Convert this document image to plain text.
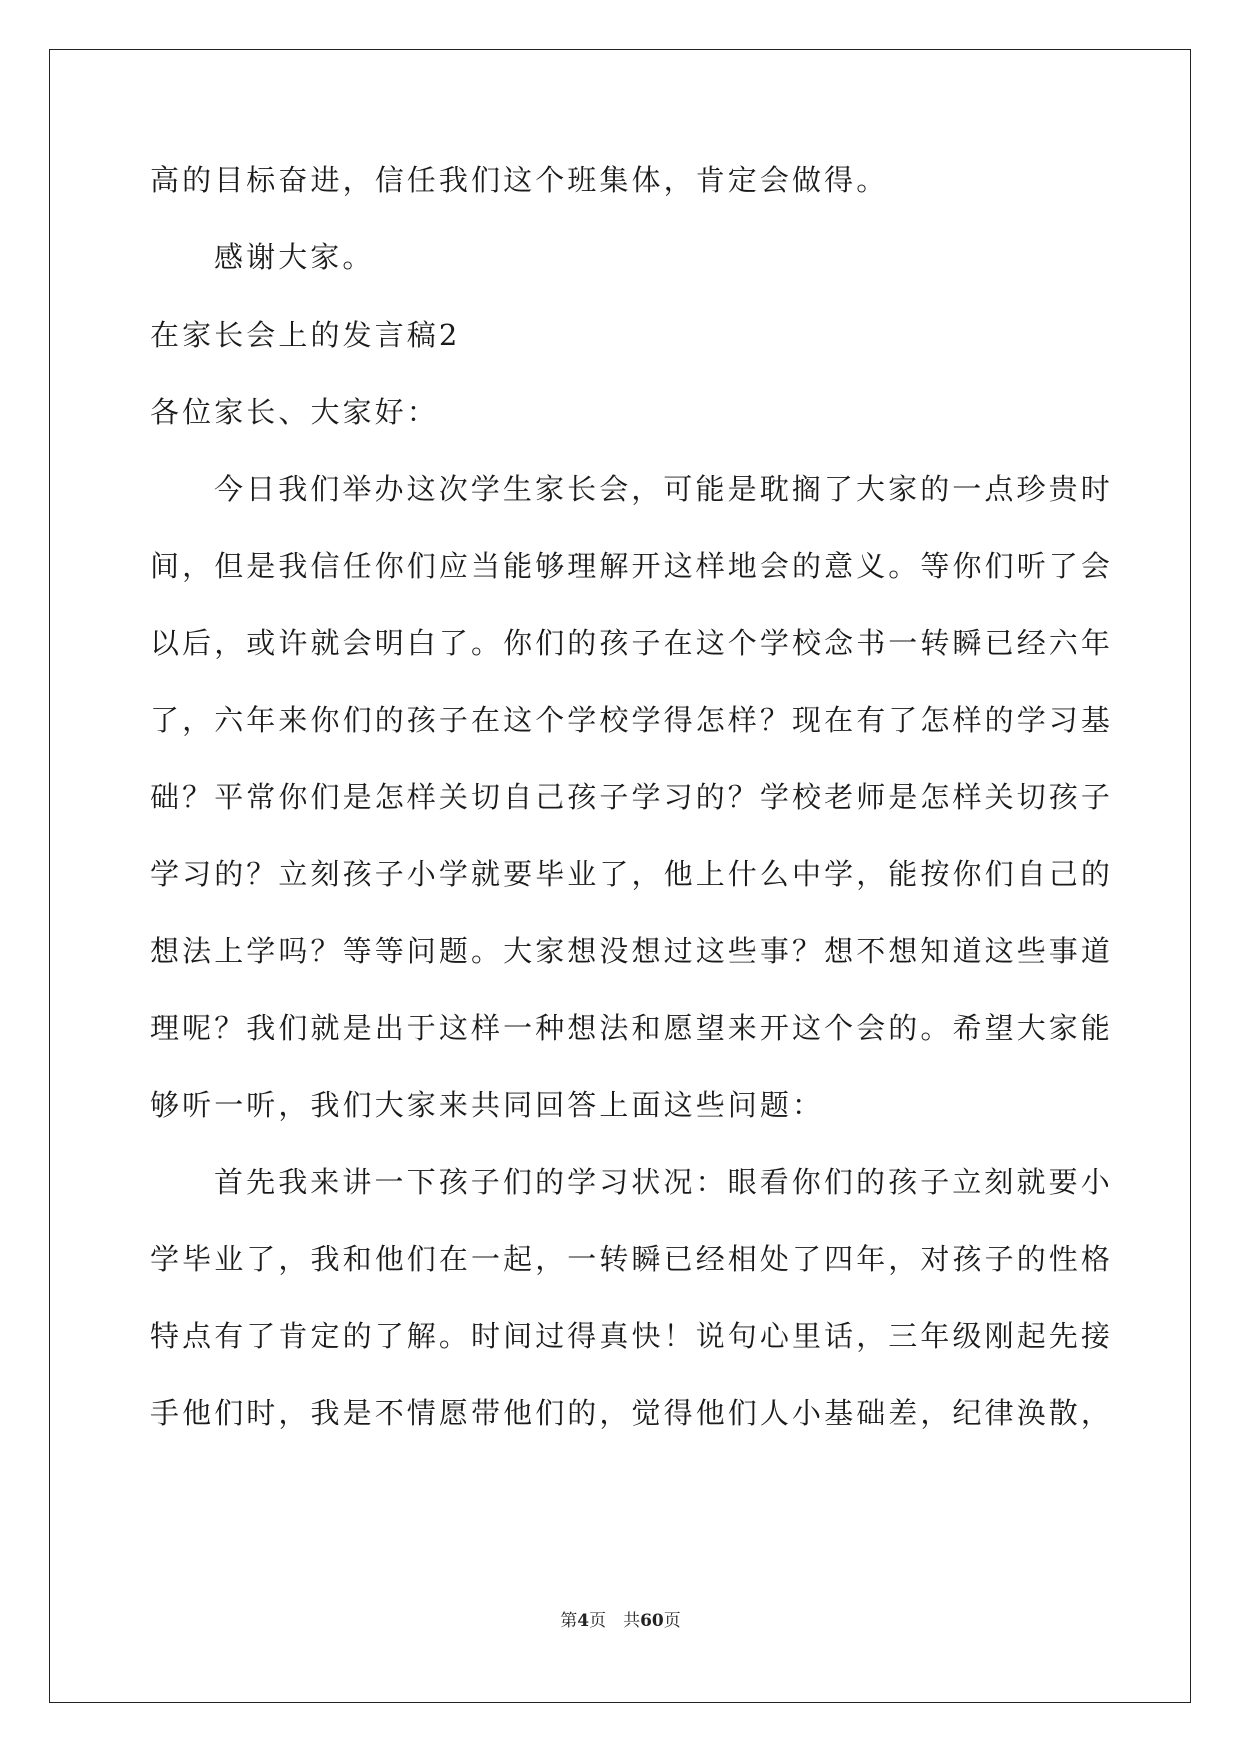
高的目标奋进，信任我们这个班集体，肯定会做得。
感谢大家。
在家长会上的发言稿2
各位家长、大家好：
今日我们举办这次学生家长会，可能是耽搁了大家的一点珍贵时
间，但是我信任你们应当能够理解开这样地会的意义。等你们听了会
以后，或许就会明白了。你们的孩子在这个学校念书一转瞬已经六年
了，六年来你们的孩子在这个学校学得怎样？现在有了怎样的学习基
础？平常你们是怎样关切自己孩子学习的？学校老师是怎样关切孩子
学习的？立刻孩子小学就要毕业了，他上什么中学，能按你们自己的
想法上学吗？等等问题。大家想没想过这些事？想不想知道这些事道
理呢？我们就是出于这样一种想法和愿望来开这个会的。希望大家能
够听一听，我们大家来共同回答上面这些问题：
首先我来讲一下孩子们的学习状况：眼看你们的孩子立刻就要小
学毕业了，我和他们在一起，一转瞬已经相处了四年，对孩子的性格
特点有了肯定的了解。时间过得真快！说句心里话，三年级刚起先接
手他们时，我是不情愿带他们的，觉得他们人小基础差，纪律涣散，
第4页　共60页
